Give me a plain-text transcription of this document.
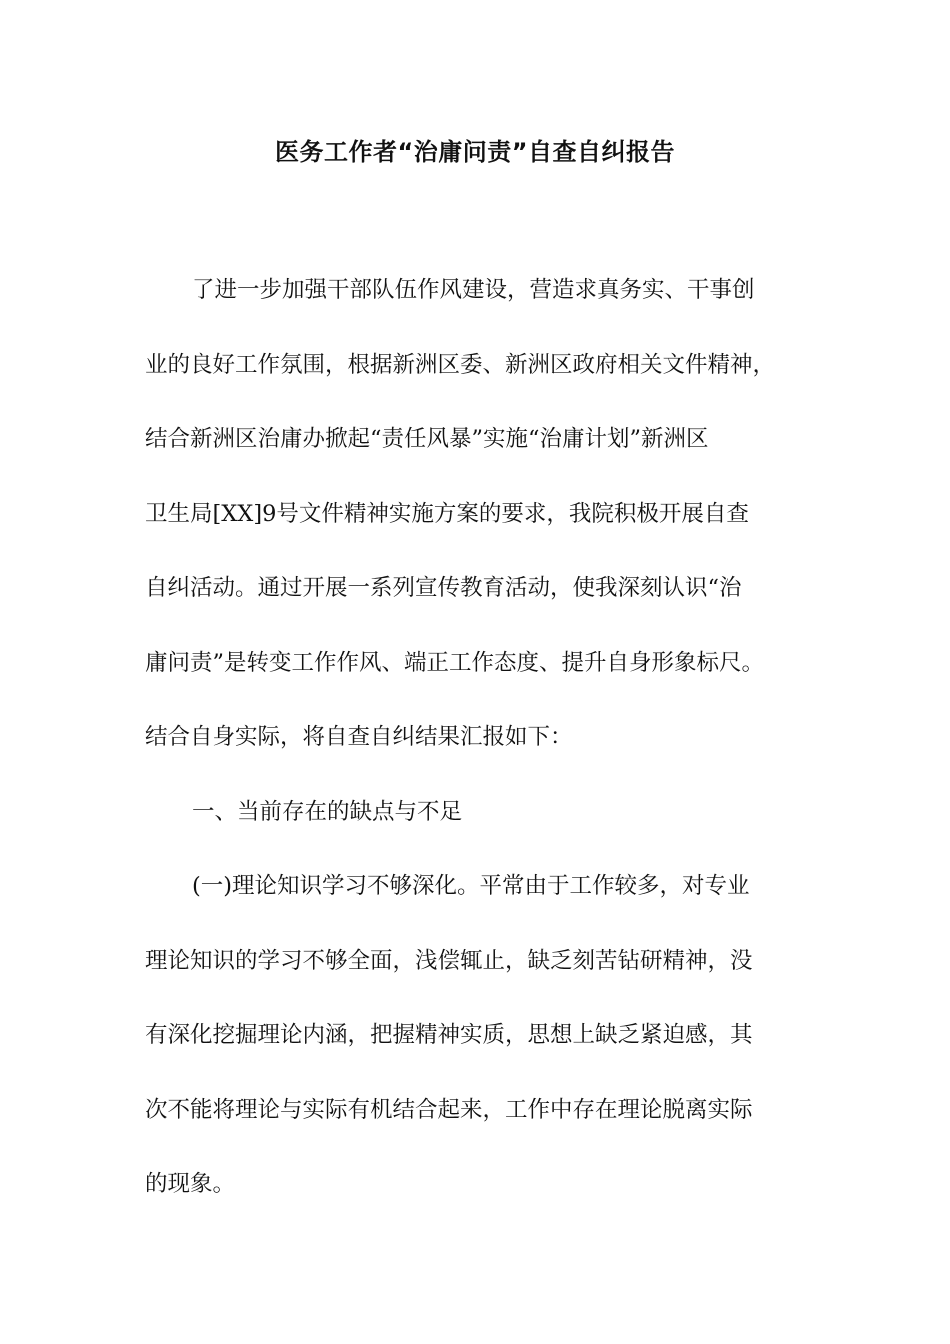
医务工作者“治庸问责”自查自纠报告
了进一步加强干部队伍作风建设，营造求真务实、干事创
业的良好工作氛围，根据新洲区委、新洲区政府相关文件精神，
结合新洲区治庸办掀起“责任风暴”实施“治庸计划”新洲区
卫生局[XX]9号文件精神实施方案的要求，我院积极开展自查
自纠活动。通过开展一系列宣传教育活动，使我深刻认识“治
庸问责”是转变工作作风、端正工作态度、提升自身形象标尺。
结合自身实际，将自查自纠结果汇报如下：
一、当前存在的缺点与不足
(一)理论知识学习不够深化。平常由于工作较多，对专业
理论知识的学习不够全面，浅偿辄止，缺乏刻苦钻研精神，没
有深化挖掘理论内涵，把握精神实质，思想上缺乏紧迫感，其
次不能将理论与实际有机结合起来，工作中存在理论脱离实际
的现象。
